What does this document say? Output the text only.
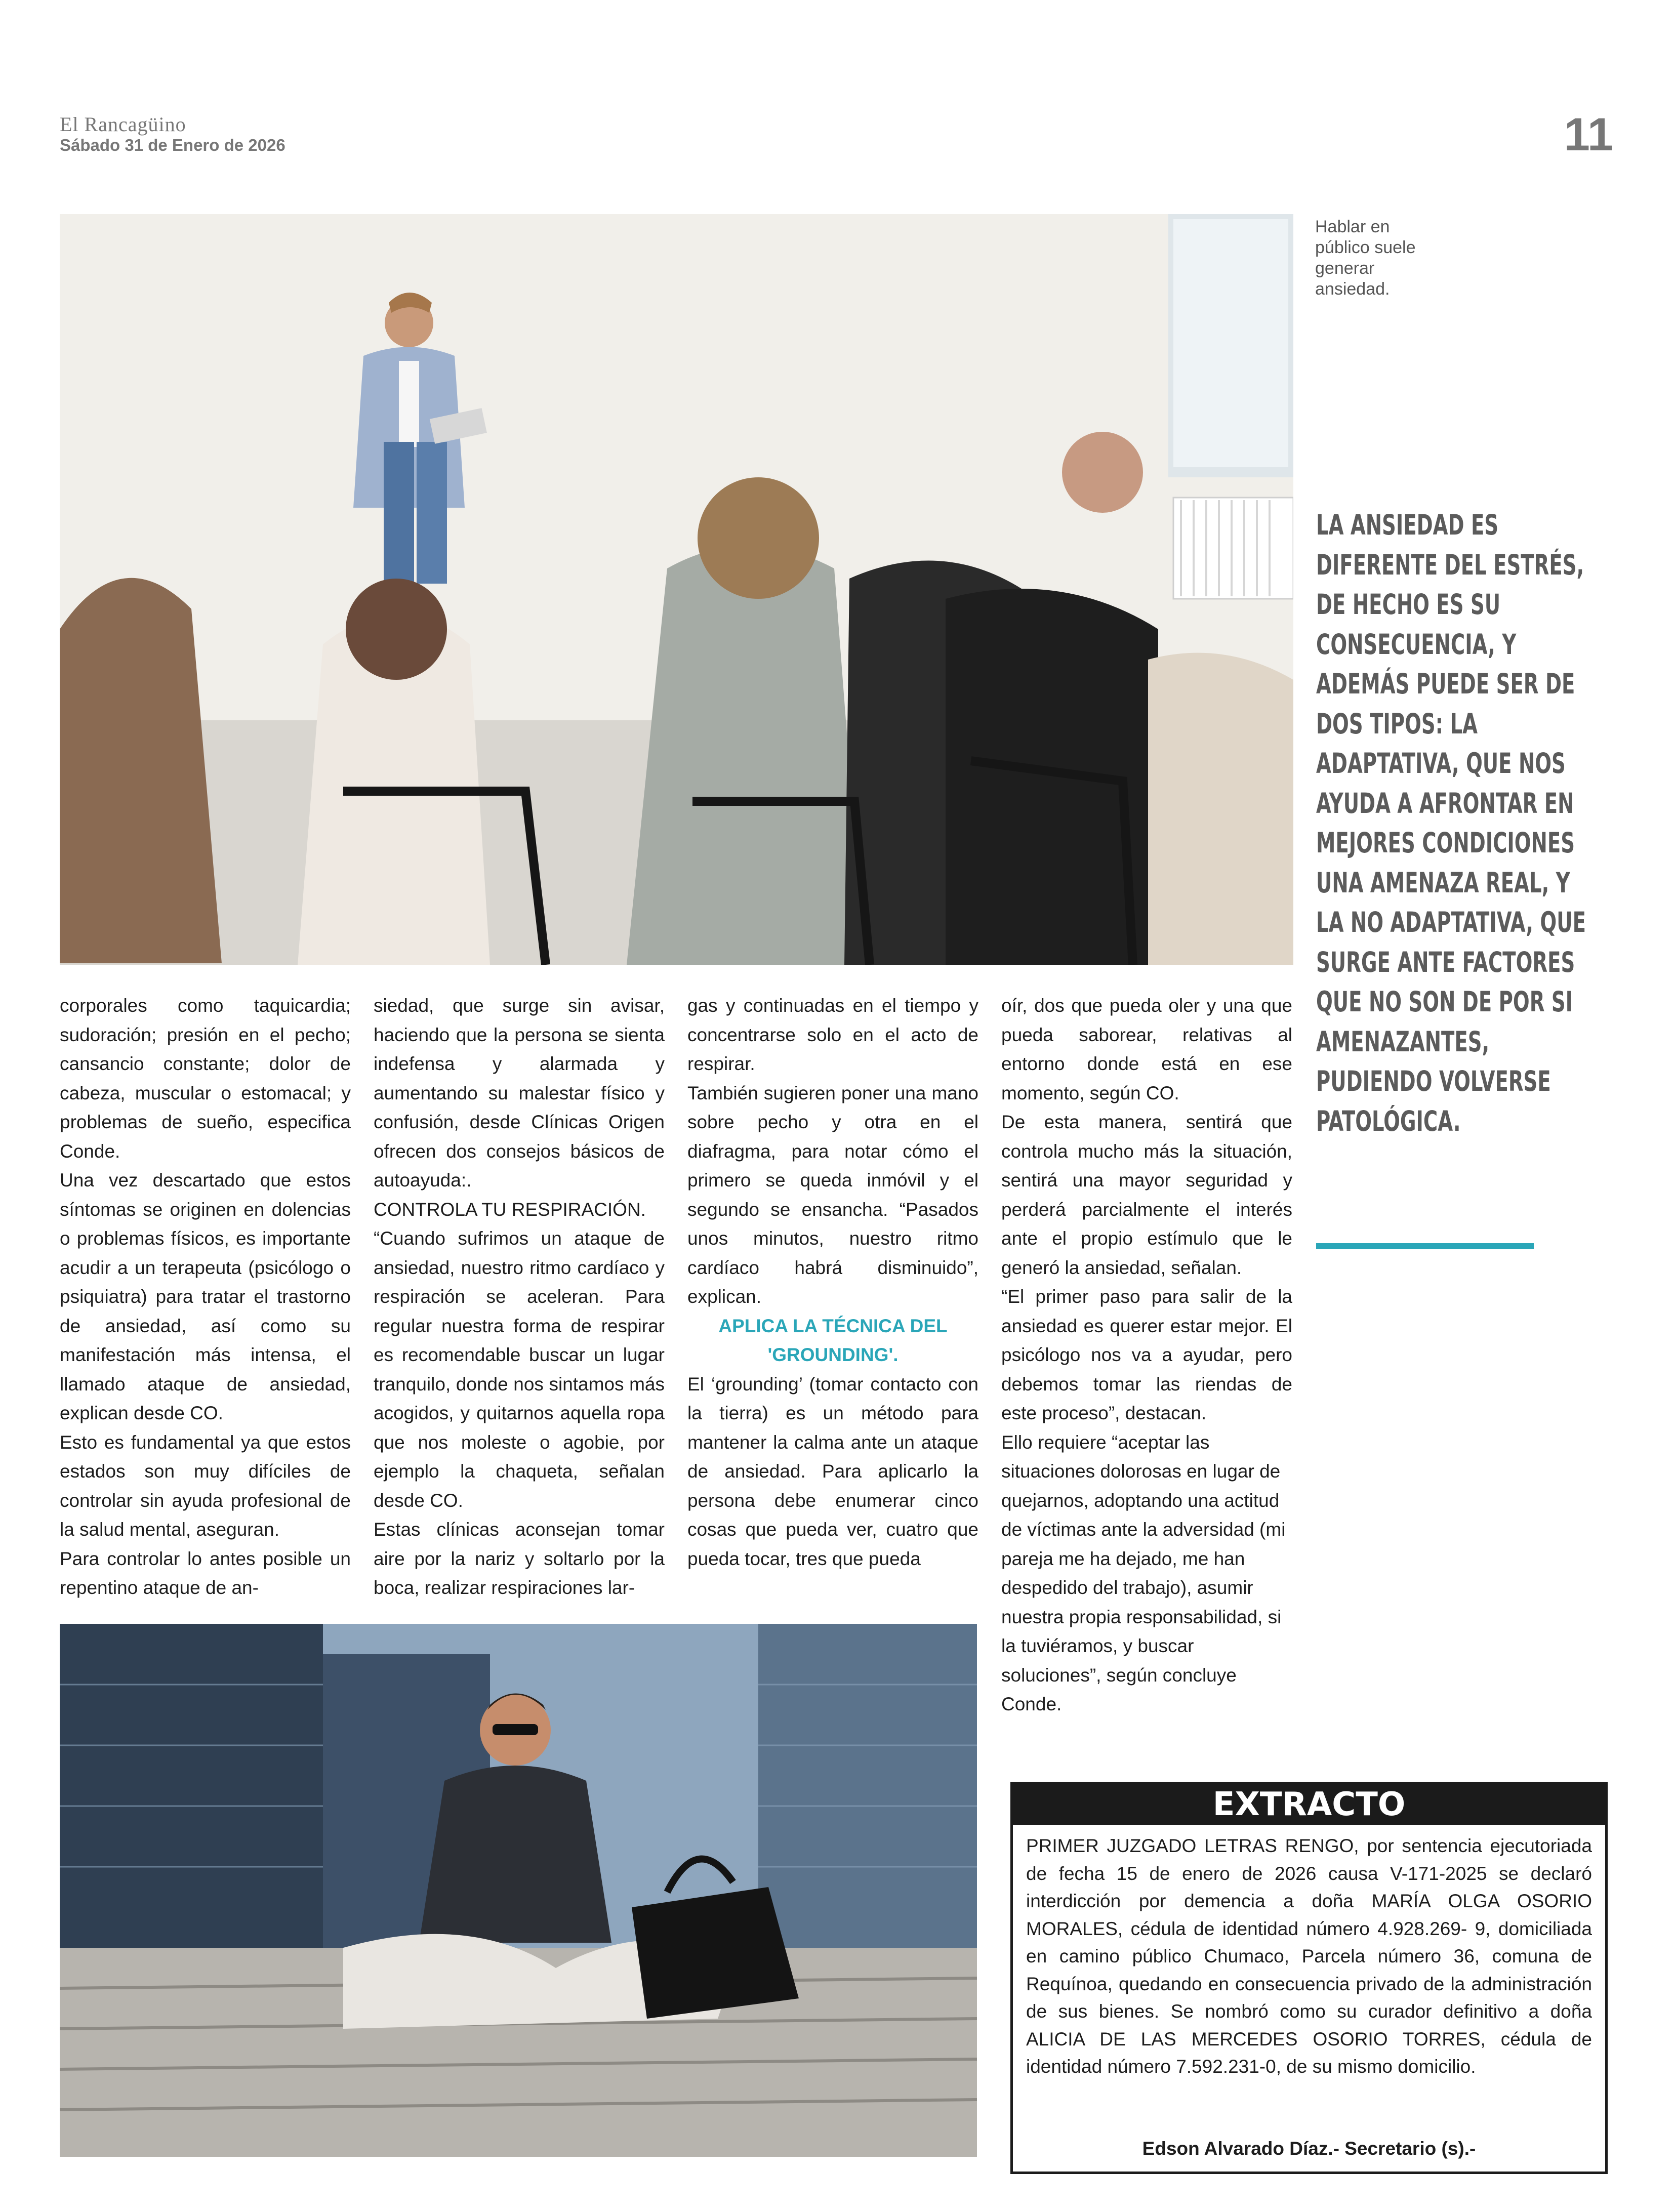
El Rancagüino
Sábado 31 de Enero de 2026	11
Hablar en público suele generar ansiedad.
LA ANSIEDAD ES DIFERENTE DEL ESTRÉS, DE HECHO ES SU CONSECUENCIA, Y ADEMÁS PUEDE SER DE DOS TIPOS: LA ADAPTATIVA, QUE NOS AYUDA A AFRONTAR EN MEJORES CONDICIONES UNA AMENAZA REAL, Y LA NO ADAPTATIVA, QUE SURGE ANTE FACTORES QUE NO SON DE POR SI AMENAZANTES, PUDIENDO VOLVERSE PATOLÓGICA.

corporales como taquicardia; sudoración; presión en el pecho; cansancio constante; dolor de cabeza, muscular o estomacal; y problemas de sueño, especifica Conde.

Una vez descartado que estos síntomas se originen en dolencias o problemas físicos, es importante acudir a un terapeuta (psicólogo o psiquiatra) para tratar el trastorno de ansiedad, así como su manifestación más intensa, el llamado ataque de ansiedad, explican desde CO.

Esto es fundamental ya que estos estados son muy difíciles de controlar sin ayuda profesional de la salud mental, aseguran.

Para controlar lo antes posible un repentino ataque de an-

siedad, que surge sin avisar, haciendo que la persona se sienta indefensa y alarmada y aumentando su malestar físico y confusión, desde Clínicas Origen ofrecen dos consejos básicos de autoayuda:.

CONTROLA TU RESPIRACIÓN.

“Cuando sufrimos un ataque de ansiedad, nuestro ritmo cardíaco y respiración se aceleran. Para regular nuestra forma de respirar es recomendable buscar un lugar tranquilo, donde nos sintamos más acogidos, y quitarnos aquella ropa que nos moleste o agobie, por ejemplo la chaqueta, señalan desde CO.

Estas clínicas aconsejan tomar aire por la nariz y soltarlo por la boca, realizar respiraciones lar-

gas y continuadas en el tiempo y concentrarse solo en el acto de respirar.

También sugieren poner una mano sobre pecho y otra en el diafragma, para notar cómo el primero se queda inmóvil y el segundo se ensancha. “Pasados unos minutos, nuestro ritmo cardíaco habrá disminuido”, explican.

APLICA LA TÉCNICA DEL 'GROUNDING'.

El ‘grounding’ (tomar contacto con la tierra) es un método para mantener la calma ante un ataque de ansiedad. Para aplicarlo la persona debe enumerar cinco cosas que pueda ver, cuatro que pueda tocar, tres que pueda

oír, dos que pueda oler y una que pueda saborear, relativas al entorno donde está en ese momento, según CO.

De esta manera, sentirá que controla mucho más la situación, sentirá una mayor seguridad y perderá parcialmente el interés ante el propio estímulo que le generó la ansiedad, señalan.

“El primer paso para salir de la ansiedad es querer estar mejor. El psicólogo nos va a ayudar, pero debemos tomar las riendas de este proceso”, destacan.

Ello requiere “aceptar las situaciones dolorosas en lugar de quejarnos, adoptando una actitud de víctimas ante la adversidad (mi pareja me ha dejado, me han despedido del trabajo), asumir nuestra propia responsabilidad, si la tuviéramos, y buscar soluciones”, según concluye Conde.

EXTRACTO
PRIMER JUZGADO LETRAS RENGO, por sentencia ejecutoriada de fecha 15 de enero de 2026 causa V-171-2025 se declaró interdicción por demencia a doña MARÍA OLGA OSORIO MORALES, cédula de identidad número 4.928.269- 9, domiciliada en camino público Chumaco, Parcela número 36, comuna de Requínoa, quedando en consecuencia privado de la administración de sus bienes. Se nombró como su curador definitivo a doña ALICIA DE LAS MERCEDES OSORIO TORRES, cédula de identidad número 7.592.231-0, de su mismo domicilio.
Edson Alvarado Díaz.- Secretario (s).-
